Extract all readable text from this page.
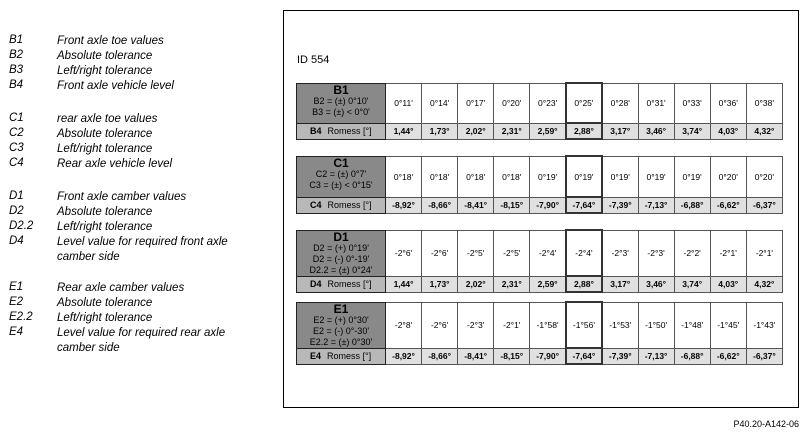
B1	Front axle toe values
B2	Absolute tolerance
B3	Left/right tolerance
B4	Front axle vehicle level
C1	rear axle toe values
C2	Absolute tolerance
C3	Left/right tolerance
C4	Rear axle vehicle level
D1	Front axle camber values
D2	Absolute tolerance
D2.2 Left/right tolerance
D4	Level value for required front axle camber side
E1	Rear axle camber values
E2	Absolute tolerance
E2.2 Left/right tolerance
E4	Level value for required rear axle camber side
ID 554
B1
B2 = (±) 0°10'
B3 = (±) < 0°0'	0°11'	0°14'	0°17'	0°20'	0°23'	0°25'	0°28'	0°31'	0°33'	0°36'	0°38'
B4 Romess [°]	1,44°	1,73°	2,02°	2,31°	2,59°	2,88°	3,17°	3,46°	3,74°	4,03°	4,32°
C1
C2 = (±) 0°7'
C3 = (±) < 0°15'	0°18'	0°18'	0°18'	0°18'	0°19'	0°19'	0°19'	0°19'	0°19'	0°20'	0°20'
C4 Romess [°]	-8,92°	-8,66°	-8,41°	-8,15°	-7,90°	-7,64°	-7,39°	-7,13°	-6,88°	-6,62°	-6,37°
D1
D2 = (+) 0°19'
D2 = (-) 0°-19'
D2.2 = (±) 0°24'	-2°6'	-2°6'	-2°5'	-2°5'	-2°4'	-2°4'	-2°3'	-2°3'	-2°2'	-2°1'	-2°1'
D4 Romess [°]	1,44°	1,73°	2,02°	2,31°	2,59°	2,88°	3,17°	3,46°	3,74°	4,03°	4,32°
E1
E2 = (+) 0°30'
E2 = (-) 0°-30'
E2.2 = (±) 0°30'	-2°8'	-2°6'	-2°3'	-2°1'	-1°58'	-1°56'	-1°53'	-1°50'	-1°48'	-1°45'	-1°43'
E4 Romess [°]	-8,92°	-8,66°	-8,41°	-8,15°	-7,90°	-7,64°	-7,39°	-7,13°	-6,88°	-6,62°	-6,37°
P40.20-A142-06
